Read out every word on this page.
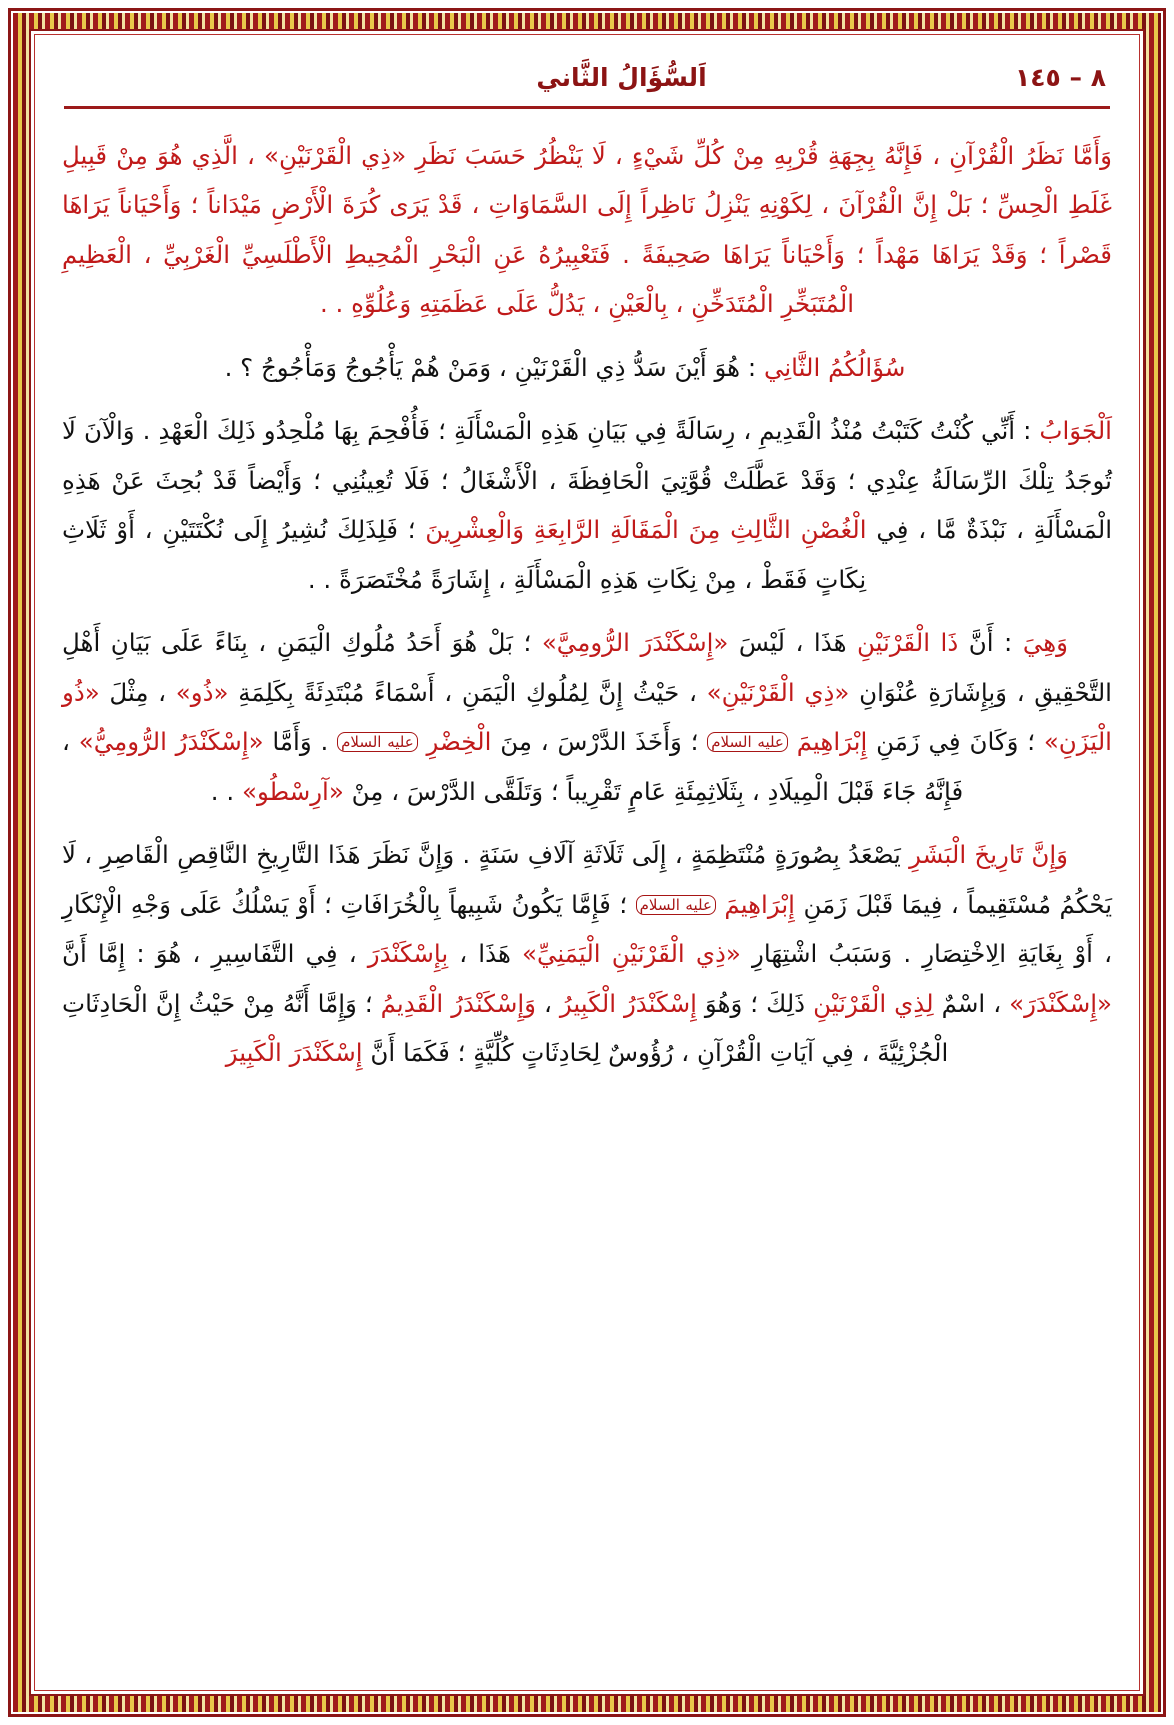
٨ – ١٤٥
اَلسُّؤَالُ الثَّاني

وَأَمَّا نَظَرُ الْقُرْآنِ ، فَإِنَّهُ بِجِهَةِ قُرْبِهِ مِنْ كُلِّ شَيْءٍ ، لَا يَنْظُرُ حَسَبَ نَظَرِ «ذِي الْقَرْنَيْنِ» ، الَّذِي هُوَ مِنْ قَبِيلِ غَلَطِ الْحِسِّ ؛ بَلْ إِنَّ الْقُرْآنَ ، لِكَوْنِهِ يَنْزِلُ نَاظِراً إِلَى السَّمَاوَاتِ ، قَدْ يَرَى كُرَةَ الْأَرْضِ مَيْدَاناً ؛ وَأَحْيَاناً يَرَاهَا قَصْراً ؛ وَقَدْ يَرَاهَا مَهْداً ؛ وَأَحْيَاناً يَرَاهَا صَحِيفَةً . فَتَعْبِيرُهُ عَنِ الْبَحْرِ الْمُحِيطِ الْأَطْلَسِيِّ الْغَرْبِيِّ ، الْعَظِيمِ الْمُتَبَخِّرِ الْمُتَدَخِّنِ ، بِالْعَيْنِ ، يَدُلُّ عَلَى عَظَمَتِهِ وَعُلُوِّهِ . .

سُؤَالُكُمُ الثَّانِي : هُوَ أَيْنَ سَدُّ ذِي الْقَرْنَيْنِ ، وَمَنْ هُمْ يَأْجُوجُ وَمَأْجُوجُ ؟ .

اَلْجَوَابُ : أَنِّي كُنْتُ كَتَبْتُ مُنْذُ الْقَدِيمِ ، رِسَالَةً فِي بَيَانِ هَذِهِ الْمَسْأَلَةِ ؛ فَأُفْحِمَ بِهَا مُلْحِدُو ذَلِكَ الْعَهْدِ . وَالْآنَ لَا تُوجَدُ تِلْكَ الرِّسَالَةُ عِنْدِي ؛ وَقَدْ عَطَّلَتْ قُوَّتِيَ الْحَافِظَةَ ، الْأَشْغَالُ ؛ فَلَا تُعِينُنِي ؛ وَأَيْضاً قَدْ بُحِثَ عَنْ هَذِهِ الْمَسْأَلَةِ ، نَبْذَةٌ مَّا ، فِي الْغُصْنِ الثَّالِثِ مِنَ الْمَقَالَةِ الرَّابِعَةِ وَالْعِشْرِينَ ؛ فَلِذَلِكَ نُشِيرُ إِلَى نُكْتَتَيْنِ ، أَوْ ثَلَاثِ نِكَاتٍ فَقَطْ ، مِنْ نِكَاتِ هَذِهِ الْمَسْأَلَةِ ، إِشَارَةً مُخْتَصَرَةً . .

وَهِيَ : أَنَّ ذَا الْقَرْنَيْنِ هَذَا ، لَيْسَ «إِسْكَنْدَرَ الرُّومِيَّ» ؛ بَلْ هُوَ أَحَدُ مُلُوكِ الْيَمَنِ ، بِنَاءً عَلَى بَيَانِ أَهْلِ التَّحْقِيقِ ، وَبِإِشَارَةِ عُنْوَانِ «ذِي الْقَرْنَيْنِ» ، حَيْثُ إِنَّ لِمُلُوكِ الْيَمَنِ ، أَسْمَاءً مُبْتَدِئَةً بِكَلِمَةِ «ذُو» ، مِثْلَ «ذُو الْيَزَنِ» ؛ وَكَانَ فِي زَمَنِ إِبْرَاهِيمَ عليه السلام ؛ وَأَخَذَ الدَّرْسَ ، مِنَ الْخِضْرِ عليه السلام . وَأَمَّا «إِسْكَنْدَرُ الرُّومِيُّ» ، فَإِنَّهُ جَاءَ قَبْلَ الْمِيلَادِ ، بِثَلَاثِمِئَةِ عَامٍ تَقْرِيباً ؛ وَتَلَقَّى الدَّرْسَ ، مِنْ «آرِسْطُو» . .

وَإِنَّ تَارِيخَ الْبَشَرِ يَصْعَدُ بِصُورَةٍ مُنْتَظِمَةٍ ، إِلَى ثَلَاثَةِ آلَافِ سَنَةٍ . وَإِنَّ نَظَرَ هَذَا التَّارِيخِ النَّاقِصِ الْقَاصِرِ ، لَا يَحْكُمُ مُسْتَقِيماً ، فِيمَا قَبْلَ زَمَنِ إِبْرَاهِيمَ عليه السلام ؛ فَإِمَّا يَكُونُ شَبِيهاً بِالْخُرَافَاتِ ؛ أَوْ يَسْلُكُ عَلَى وَجْهِ الْإِنْكَارِ ، أَوْ بِغَايَةِ الِاخْتِصَارِ . وَسَبَبُ اشْتِهَارِ «ذِي الْقَرْنَيْنِ الْيَمَنِيِّ» هَذَا ، بِإِسْكَنْدَرَ ، فِي التَّفَاسِيرِ ، هُوَ : إِمَّا أَنَّ «إِسْكَنْدَرَ» ، اسْمٌ لِذِي الْقَرْنَيْنِ ذَلِكَ ؛ وَهُوَ إِسْكَنْدَرُ الْكَبِيرُ ، وَإِسْكَنْدَرُ الْقَدِيمُ ؛ وَإِمَّا أَنَّهُ مِنْ حَيْثُ إِنَّ الْحَادِثَاتِ الْجُزْئِيَّةَ ، فِي آيَاتِ الْقُرْآنِ ، رُؤُوسٌ لِحَادِثَاتٍ كُلِّيَّةٍ ؛ فَكَمَا أَنَّ إِسْكَنْدَرَ الْكَبِيرَ
